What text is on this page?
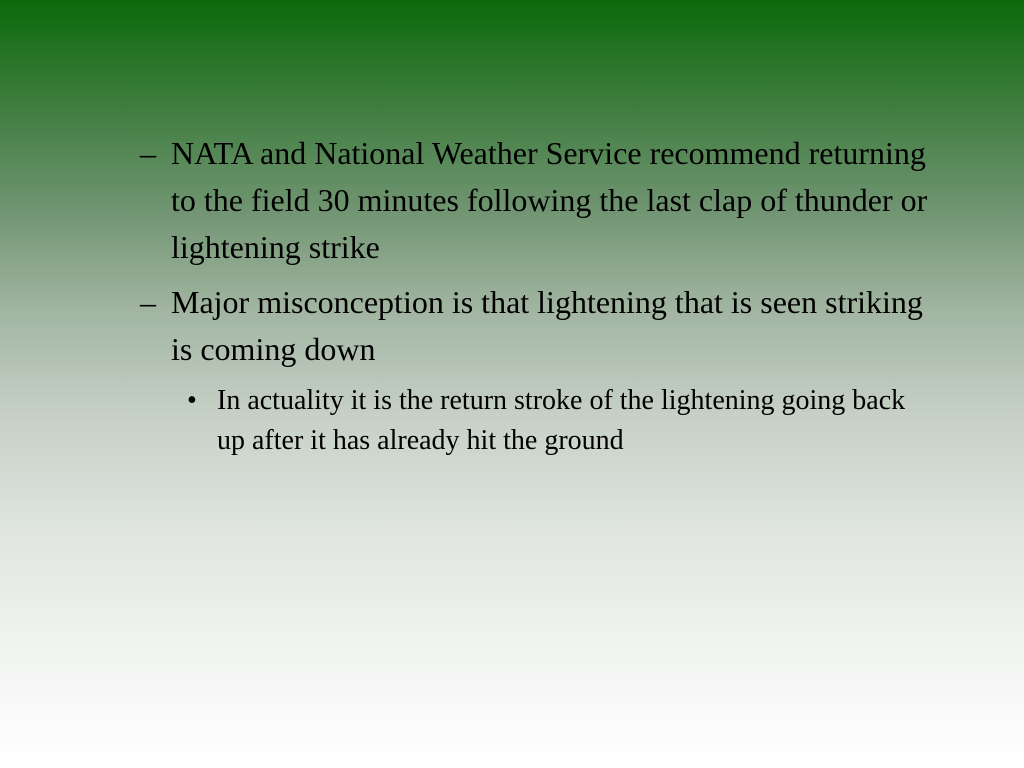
– NATA and National Weather Service recommend returning to the field 30 minutes following the last clap of thunder or lightening strike
– Major misconception is that lightening that is seen striking is coming down
• In actuality it is the return stroke of the lightening going back up after it has already hit the ground
